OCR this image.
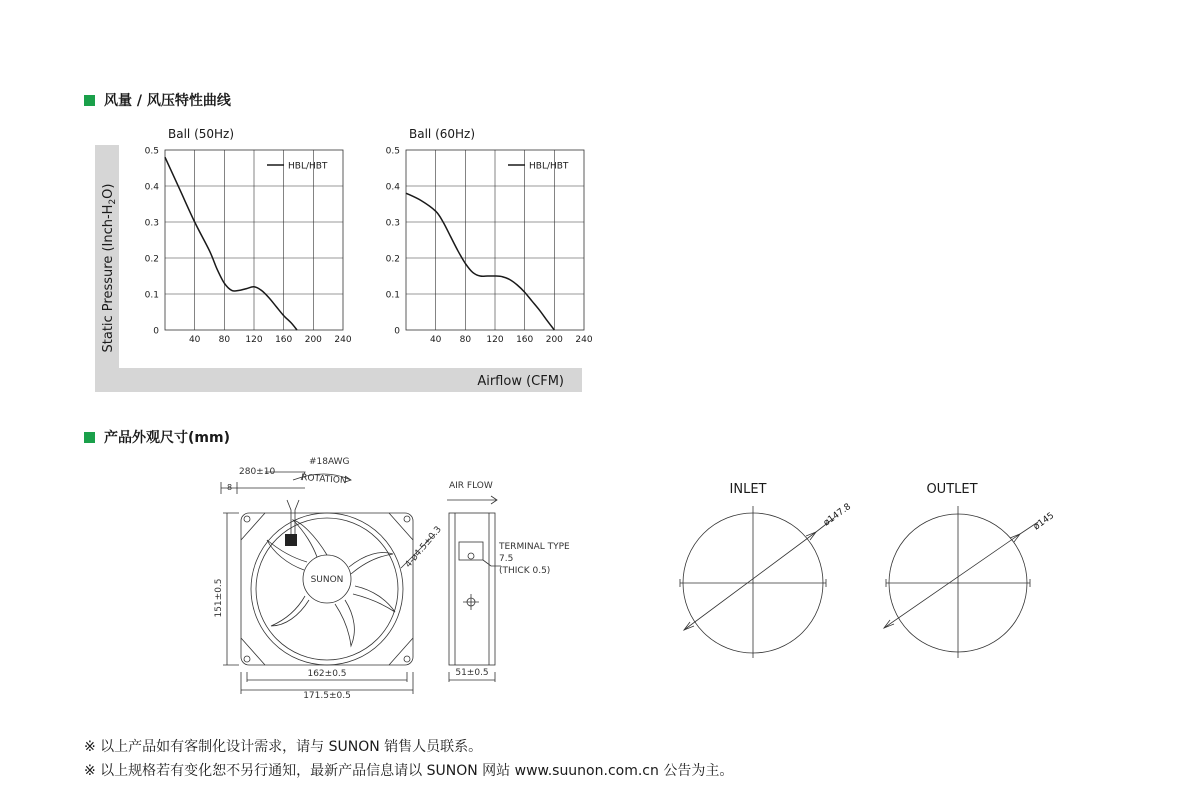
风量 / 风压特性曲线
Static Pressure $(Inch-H_2O)$
Airflow (CFM)
Ball (50Hz)
0.5
0.4
0.3
0.2
0.1
0
40 80 120 160 200 240
HBL/HBT
Ball (60Hz)
0.5
0.4
0.3
0.2
0.1
0
40 80 120 160 200 240
HBL/HBT
产品外观尺寸(mm)
280±10
#18AWG
8
ROTATION
151±0.5	SUNON
4-ø4.5±0.3
162±0.5
171.5±0.5
AIR FLOW
TERMINAL TYPE
7.5
(THICK 0.5)
51±0.5
INLET	OUTLET
ø147.8	ø145
※ 以上产品如有客制化设计需求，请与 SUNON 销售人员联系。
※ 以上规格若有变化恕不另行通知，最新产品信息请以 SUNON 网站 www.suunon.com.cn 公告为主。
